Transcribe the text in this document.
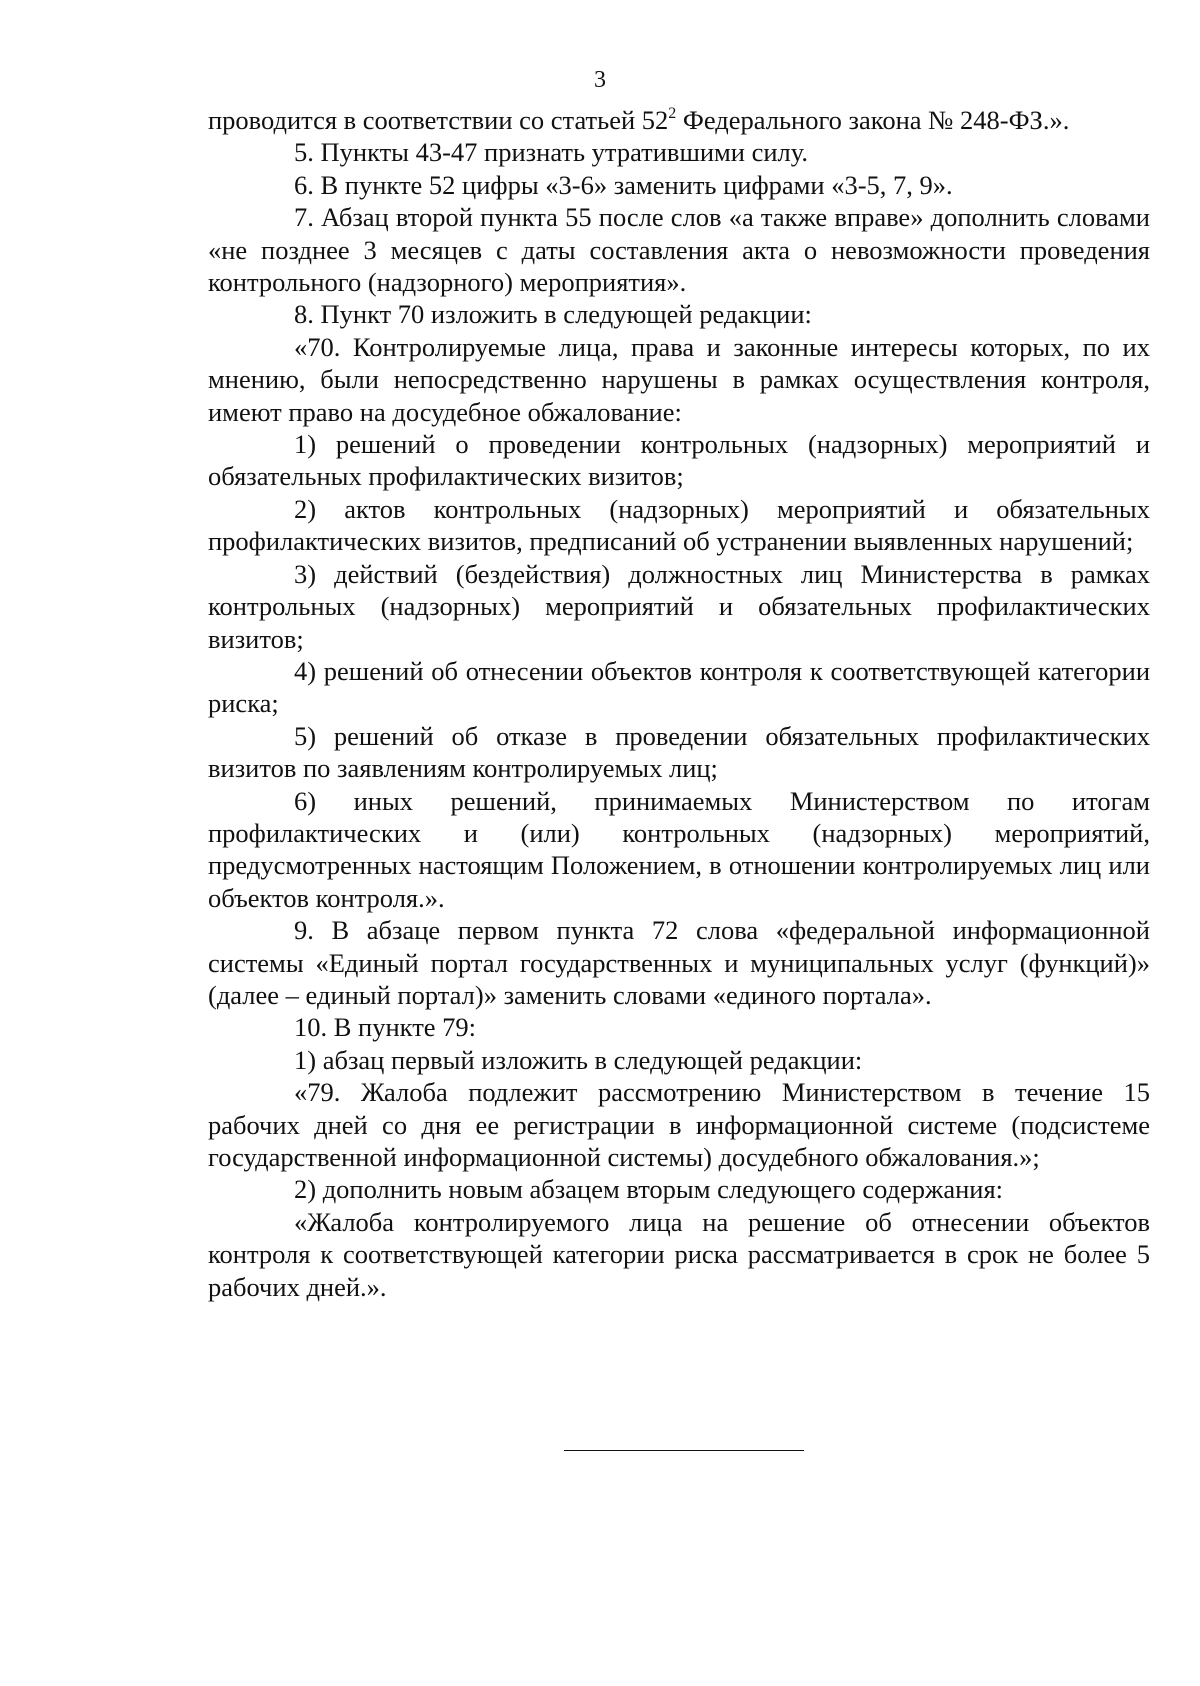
3

проводится в соответствии со статьей $52^2$ Федерального закона № 248-ФЗ.».

5. Пункты 43-47 признать утратившими силу.

6. В пункте 52 цифры «3-6» заменить цифрами «3-5, 7, 9».

7. Абзац второй пункта 55 после слов «а также вправе» дополнить словами «не позднее 3 месяцев с даты составления акта о невозможности проведения контрольного (надзорного) мероприятия».

8. Пункт 70 изложить в следующей редакции:

«70. Контролируемые лица, права и законные интересы которых, по их мнению, были непосредственно нарушены в рамках осуществления контроля, имеют право на досудебное обжалование:

1) решений о проведении контрольных (надзорных) мероприятий и обязательных профилактических визитов;

2) актов контрольных (надзорных) мероприятий и обязательных профилактических визитов, предписаний об устранении выявленных нарушений;

3) действий (бездействия) должностных лиц Министерства в рамках контрольных (надзорных) мероприятий и обязательных профилактических визитов;

4) решений об отнесении объектов контроля к соответствующей категории риска;

5) решений об отказе в проведении обязательных профилактических визитов по заявлениям контролируемых лиц;

6) иных решений, принимаемых Министерством по итогам профилактических и (или) контрольных (надзорных) мероприятий, предусмотренных настоящим Положением, в отношении контролируемых лиц или объектов контроля.».

9. В абзаце первом пункта 72 слова «федеральной информационной системы «Единый портал государственных и муниципальных услуг (функций)» (далее – единый портал)» заменить словами «единого портала».

10. В пункте 79:

1) абзац первый изложить в следующей редакции:

«79. Жалоба подлежит рассмотрению Министерством в течение 15 рабочих дней со дня ее регистрации в информационной системе (подсистеме государственной информационной системы) досудебного обжалования.»;

2) дополнить новым абзацем вторым следующего содержания:

«Жалоба контролируемого лица на решение об отнесении объектов контроля к соответствующей категории риска рассматривается в срок не более 5 рабочих дней.».
